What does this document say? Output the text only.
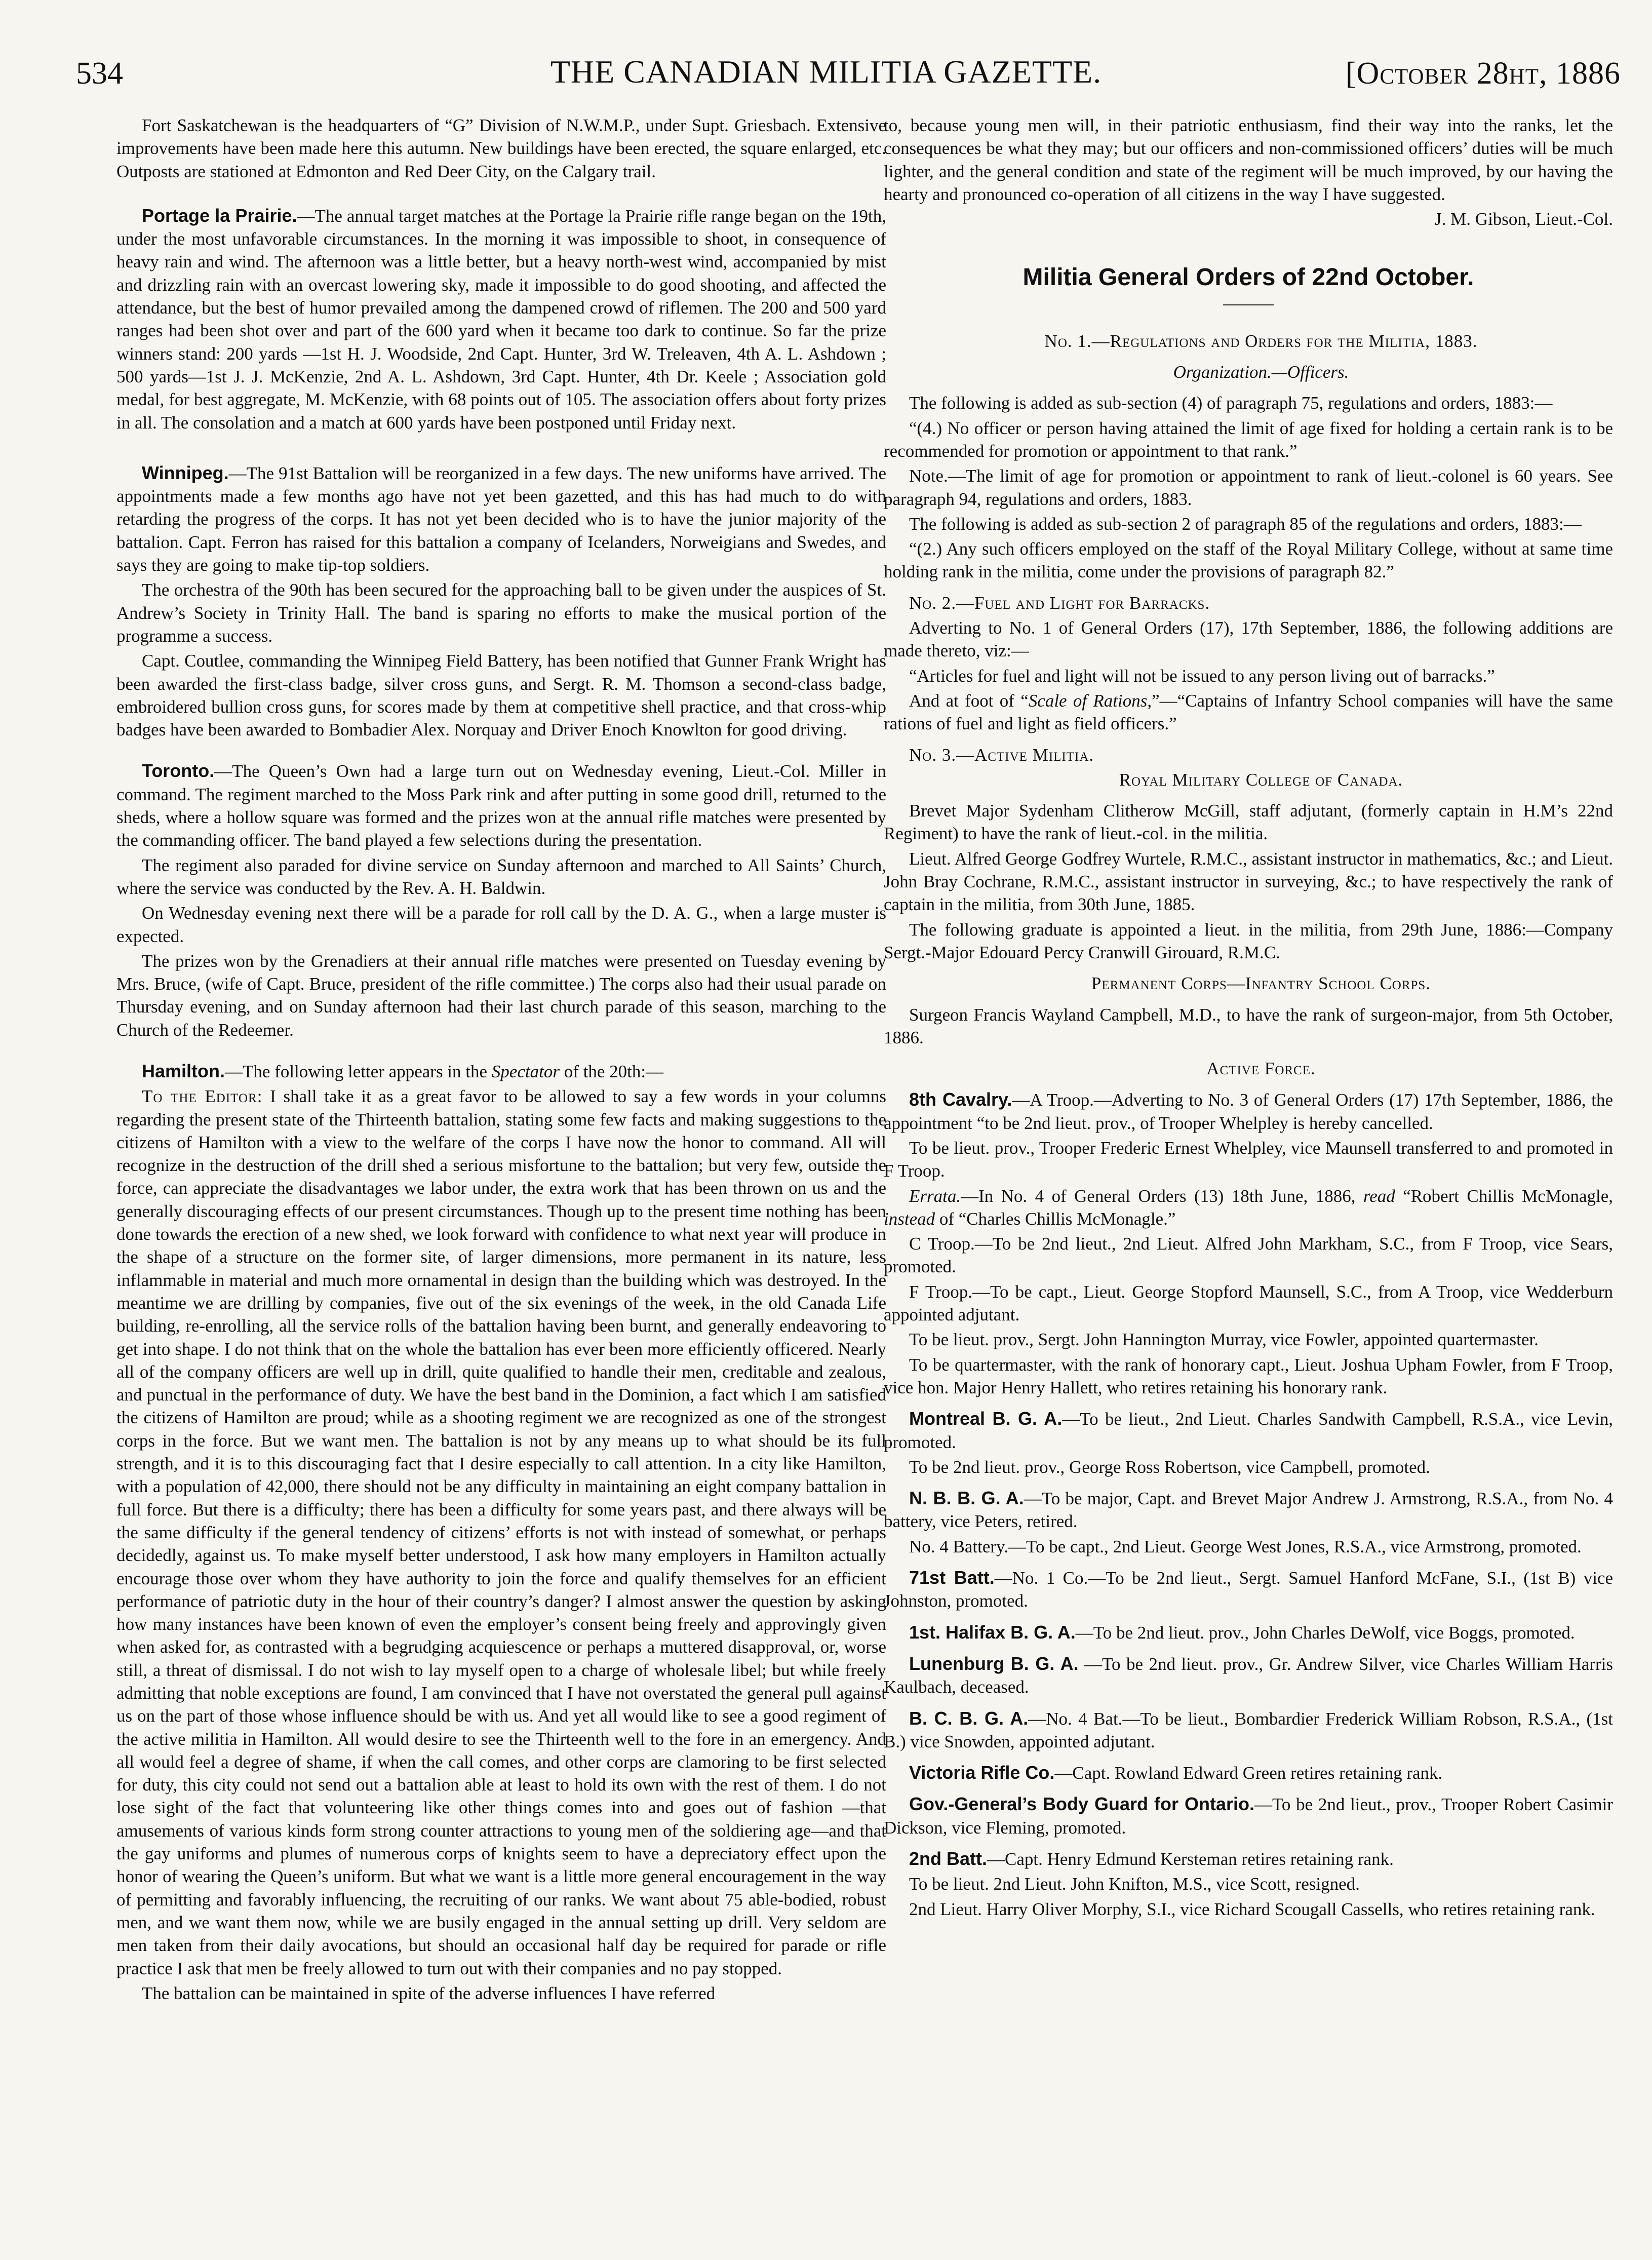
534	THE CANADIAN MILITIA GAZETTE.	[October 28ht, 1886

Fort Saskatchewan is the headquarters of “G” Division of N.W.M.P., under Supt. Griesbach. Extensive improvements have been made here this autumn. New buildings have been erected, the square enlarged, etc. Outposts are stationed at Edmonton and Red Deer City, on the Calgary trail.

Portage la Prairie.—The annual target matches at the Portage la Prairie rifle range began on the 19th, under the most unfavorable circumstances. In the morning it was impossible to shoot, in consequence of heavy rain and wind. The afternoon was a little better, but a heavy north-west wind, accompanied by mist and drizzling rain with an overcast lowering sky, made it impossible to do good shooting, and affected the attendance, but the best of humor prevailed among the dampened crowd of riflemen. The 200 and 500 yard ranges had been shot over and part of the 600 yard when it became too dark to continue. So far the prize winners stand: 200 yards —1st H. J. Woodside, 2nd Capt. Hunter, 3rd W. Treleaven, 4th A. L. Ashdown ; 500 yards—1st J. J. McKenzie, 2nd A. L. Ashdown, 3rd Capt. Hunter, 4th Dr. Keele ; Association gold medal, for best aggregate, M. McKenzie, with 68 points out of 105. The association offers about forty prizes in all. The consolation and a match at 600 yards have been postponed until Friday next.

Winnipeg.—The 91st Battalion will be reorganized in a few days. The new uniforms have arrived. The appointments made a few months ago have not yet been gazetted, and this has had much to do with retarding the progress of the corps. It has not yet been decided who is to have the junior majority of the battalion. Capt. Ferron has raised for this battalion a company of Icelanders, Norweigians and Swedes, and says they are going to make tip-top soldiers.

The orchestra of the 90th has been secured for the approaching ball to be given under the auspices of St. Andrew’s Society in Trinity Hall. The band is sparing no efforts to make the musical portion of the programme a success.

Capt. Coutlee, commanding the Winnipeg Field Battery, has been notified that Gunner Frank Wright has been awarded the first-class badge, silver cross guns, and Sergt. R. M. Thomson a second-class badge, embroidered bullion cross guns, for scores made by them at competitive shell practice, and that cross-whip badges have been awarded to Bombadier Alex. Norquay and Driver Enoch Knowlton for good driving.

Toronto.—The Queen’s Own had a large turn out on Wednesday evening, Lieut.-Col. Miller in command. The regiment marched to the Moss Park rink and after putting in some good drill, returned to the sheds, where a hollow square was formed and the prizes won at the annual rifle matches were presented by the commanding officer. The band played a few selections during the presentation.

The regiment also paraded for divine service on Sunday afternoon and marched to All Saints’ Church, where the service was conducted by the Rev. A. H. Baldwin.

On Wednesday evening next there will be a parade for roll call by the D. A. G., when a large muster is expected.

The prizes won by the Grenadiers at their annual rifle matches were presented on Tuesday evening by Mrs. Bruce, (wife of Capt. Bruce, president of the rifle committee.) The corps also had their usual parade on Thursday evening, and on Sunday afternoon had their last church parade of this season, marching to the Church of the Redeemer.

Hamilton.—The following letter appears in the Spectator of the 20th:—

To the Editor: I shall take it as a great favor to be allowed to say a few words in your columns regarding the present state of the Thirteenth battalion, stating some few facts and making suggestions to the citizens of Hamilton with a view to the welfare of the corps I have now the honor to command. All will recognize in the destruction of the drill shed a serious misfortune to the battalion; but very few, outside the force, can appreciate the disadvantages we labor under, the extra work that has been thrown on us and the generally discouraging effects of our present circumstances. Though up to the present time nothing has been done towards the erection of a new shed, we look forward with confidence to what next year will produce in the shape of a structure on the former site, of larger dimensions, more permanent in its nature, less inflammable in material and much more ornamental in design than the building which was destroyed. In the meantime we are drilling by companies, five out of the six evenings of the week, in the old Canada Life building, re-enrolling, all the service rolls of the battalion having been burnt, and generally endeavoring to get into shape. I do not think that on the whole the battalion has ever been more efficiently officered. Nearly all of the company officers are well up in drill, quite qualified to handle their men, creditable and zealous, and punctual in the performance of duty. We have the best band in the Dominion, a fact which I am satisfied the citizens of Hamilton are proud; while as a shooting regiment we are recognized as one of the strongest corps in the force. But we want men. The battalion is not by any means up to what should be its full strength, and it is to this discouraging fact that I desire especially to call attention. In a city like Hamilton, with a population of 42,000, there should not be any difficulty in maintaining an eight company battalion in full force. But there is a difficulty; there has been a difficulty for some years past, and there always will be the same difficulty if the general tendency of citizens’ efforts is not with instead of somewhat, or perhaps decidedly, against us. To make myself better understood, I ask how many employers in Hamilton actually encourage those over whom they have authority to join the force and qualify themselves for an efficient performance of patriotic duty in the hour of their country’s danger? I almost answer the question by asking how many instances have been known of even the employer’s consent being freely and approvingly given when asked for, as contrasted with a begrudging acquiescence or perhaps a muttered disapproval, or, worse still, a threat of dismissal. I do not wish to lay myself open to a charge of wholesale libel; but while freely admitting that noble exceptions are found, I am convinced that I have not overstated the general pull against us on the part of those whose influence should be with us. And yet all would like to see a good regiment of the active militia in Hamilton. All would desire to see the Thirteenth well to the fore in an emergency. And all would feel a degree of shame, if when the call comes, and other corps are clamoring to be first selected for duty, this city could not send out a battalion able at least to hold its own with the rest of them. I do not lose sight of the fact that volunteering like other things comes into and goes out of fashion —that amusements of various kinds form strong counter attractions to young men of the soldiering age—and that the gay uniforms and plumes of numerous corps of knights seem to have a depreciatory effect upon the honor of wearing the Queen’s uniform. But what we want is a little more general encouragement in the way of permitting and favorably influencing, the recruiting of our ranks. We want about 75 able-bodied, robust men, and we want them now, while we are busily engaged in the annual setting up drill. Very seldom are men taken from their daily avocations, but should an occasional half day be required for parade or rifle practice I ask that men be freely allowed to turn out with their companies and no pay stopped.

The battalion can be maintained in spite of the adverse influences I have referred

to, because young men will, in their patriotic enthusiasm, find their way into the ranks, let the consequences be what they may; but our officers and non-commissioned officers’ duties will be much lighter, and the general condition and state of the regiment will be much improved, by our having the hearty and pronounced co-operation of all citizens in the way I have suggested.

J. M. Gibson, Lieut.-Col.

Militia General Orders of 22nd October.

No. 1.—Regulations and Orders for the Militia, 1883.

Organization.—Officers.

The following is added as sub-section (4) of paragraph 75, regulations and orders, 1883:—

“(4.) No officer or person having attained the limit of age fixed for holding a certain rank is to be recommended for promotion or appointment to that rank.”

Note.—The limit of age for promotion or appointment to rank of lieut.-colonel is 60 years. See paragraph 94, regulations and orders, 1883.

The following is added as sub-section 2 of paragraph 85 of the regulations and orders, 1883:—

“(2.) Any such officers employed on the staff of the Royal Military College, without at same time holding rank in the militia, come under the provisions of paragraph 82.”

No. 2.—Fuel and Light for Barracks.

Adverting to No. 1 of General Orders (17), 17th September, 1886, the following additions are made thereto, viz:—

“Articles for fuel and light will not be issued to any person living out of barracks.”

And at foot of “Scale of Rations,”—“Captains of Infantry School companies will have the same rations of fuel and light as field officers.”

No. 3.—Active Militia.

Royal Military College of Canada.

Brevet Major Sydenham Clitherow McGill, staff adjutant, (formerly captain in H.M’s 22nd Regiment) to have the rank of lieut.-col. in the militia.

Lieut. Alfred George Godfrey Wurtele, R.M.C., assistant instructor in mathematics, &c.; and Lieut. John Bray Cochrane, R.M.C., assistant instructor in surveying, &c.; to have respectively the rank of captain in the militia, from 30th June, 1885.

The following graduate is appointed a lieut. in the militia, from 29th June, 1886:—Company Sergt.-Major Edouard Percy Cranwill Girouard, R.M.C.

Permanent Corps—Infantry School Corps.

Surgeon Francis Wayland Campbell, M.D., to have the rank of surgeon-major, from 5th October, 1886.

Active Force.

8th Cavalry.—A Troop.—Adverting to No. 3 of General Orders (17) 17th September, 1886, the appointment “to be 2nd lieut. prov., of Trooper Whelpley is hereby cancelled.

To be lieut. prov., Trooper Frederic Ernest Whelpley, vice Maunsell transferred to and promoted in F Troop.

Errata.—In No. 4 of General Orders (13) 18th June, 1886, read “Robert Chillis McMonagle, instead of “Charles Chillis McMonagle.”

C Troop.—To be 2nd lieut., 2nd Lieut. Alfred John Markham, S.C., from F Troop, vice Sears, promoted.

F Troop.—To be capt., Lieut. George Stopford Maunsell, S.C., from A Troop, vice Wedderburn appointed adjutant.

To be lieut. prov., Sergt. John Hannington Murray, vice Fowler, appointed quartermaster.

To be quartermaster, with the rank of honorary capt., Lieut. Joshua Upham Fowler, from F Troop, vice hon. Major Henry Hallett, who retires retaining his honorary rank.

Montreal B. G. A.—To be lieut., 2nd Lieut. Charles Sandwith Campbell, R.S.A., vice Levin, promoted.

To be 2nd lieut. prov., George Ross Robertson, vice Campbell, promoted.

N. B. B. G. A.—To be major, Capt. and Brevet Major Andrew J. Armstrong, R.S.A., from No. 4 battery, vice Peters, retired.

No. 4 Battery.—To be capt., 2nd Lieut. George West Jones, R.S.A., vice Armstrong, promoted.

71st Batt.—No. 1 Co.—To be 2nd lieut., Sergt. Samuel Hanford McFane, S.I., (1st B) vice Johnston, promoted.

1st. Halifax B. G. A.—To be 2nd lieut. prov., John Charles DeWolf, vice Boggs, promoted.

Lunenburg B. G. A. —To be 2nd lieut. prov., Gr. Andrew Silver, vice Charles William Harris Kaulbach, deceased.

B. C. B. G. A.—No. 4 Bat.—To be lieut., Bombardier Frederick William Robson, R.S.A., (1st B.) vice Snowden, appointed adjutant.

Victoria Rifle Co.—Capt. Rowland Edward Green retires retaining rank.

Gov.-General’s Body Guard for Ontario.—To be 2nd lieut., prov., Trooper Robert Casimir Dickson, vice Fleming, promoted.

2nd Batt.—Capt. Henry Edmund Kersteman retires retaining rank.

To be lieut. 2nd Lieut. John Knifton, M.S., vice Scott, resigned.

2nd Lieut. Harry Oliver Morphy, S.I., vice Richard Scougall Cassells, who retires retaining rank.
